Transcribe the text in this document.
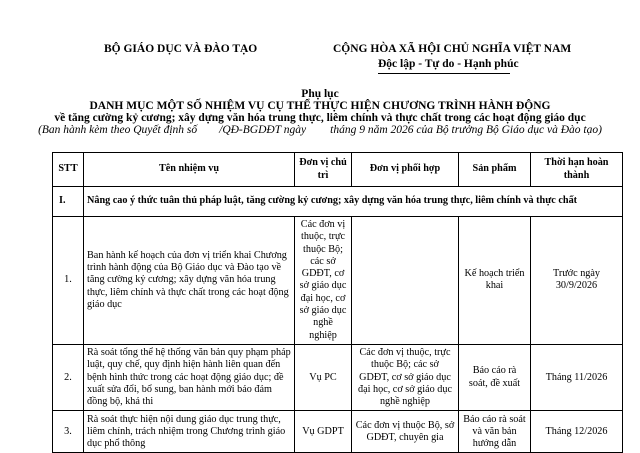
BỘ GIÁO DỤC VÀ ĐÀO TẠO	CỘNG HÒA XÃ HỘI CHỦ NGHĨA VIỆT NAM
Độc lập - Tự do - Hạnh phúc
Phụ lục
DANH MỤC MỘT SỐ NHIỆM VỤ CỤ THỂ THỰC HIỆN CHƯƠNG TRÌNH HÀNH ĐỘNG
về tăng cường kỷ cương; xây dựng văn hóa trung thực, liêm chính và thực chất trong các hoạt động giáo dục
(Ban hành kèm theo Quyết định số /QĐ-BGDĐT ngày tháng 9 năm 2026 của Bộ trưởng Bộ Giáo dục và Đào tạo)
STT	Tên nhiệm vụ	Đơn vị chủ trì	Đơn vị phối hợp	Sản phẩm	Thời hạn hoàn thành
I.	Nâng cao ý thức tuân thủ pháp luật, tăng cường kỷ cương; xây dựng văn hóa trung thực, liêm chính và thực chất				
1.	Ban hành kế hoạch của đơn vị triển khai Chương trình hành động của Bộ Giáo dục và Đào tạo về tăng cường kỷ cương; xây dựng văn hóa trung thực, liêm chính và thực chất trong các hoạt động giáo dục	Các đơn vị thuộc, trực thuộc Bộ; các sở GDĐT, cơ sở giáo dục đại học, cơ sở giáo dục nghề nghiệp		Kế hoạch triển khai	Trước ngày 30/9/2026
2.	Rà soát tổng thể hệ thống văn bản quy phạm pháp luật, quy chế, quy định hiện hành liên quan đến bệnh hình thức trong các hoạt động giáo dục; đề xuất sửa đổi, bổ sung, ban hành mới bảo đảm đồng bộ, khả thi	Vụ PC	Các đơn vị thuộc, trực thuộc Bộ; các sở GDĐT, cơ sở giáo dục đại học, cơ sở giáo dục nghề nghiệp	Báo cáo rà soát, đề xuất	Tháng 11/2026
3.	Rà soát thực hiện nội dung giáo dục trung thực, liêm chính, trách nhiệm trong Chương trình giáo dục phổ thông	Vụ GDPT	Các đơn vị thuộc Bộ, sở GDĐT, chuyên gia	Báo cáo rà soát và văn bản hướng dẫn	Tháng 12/2026
